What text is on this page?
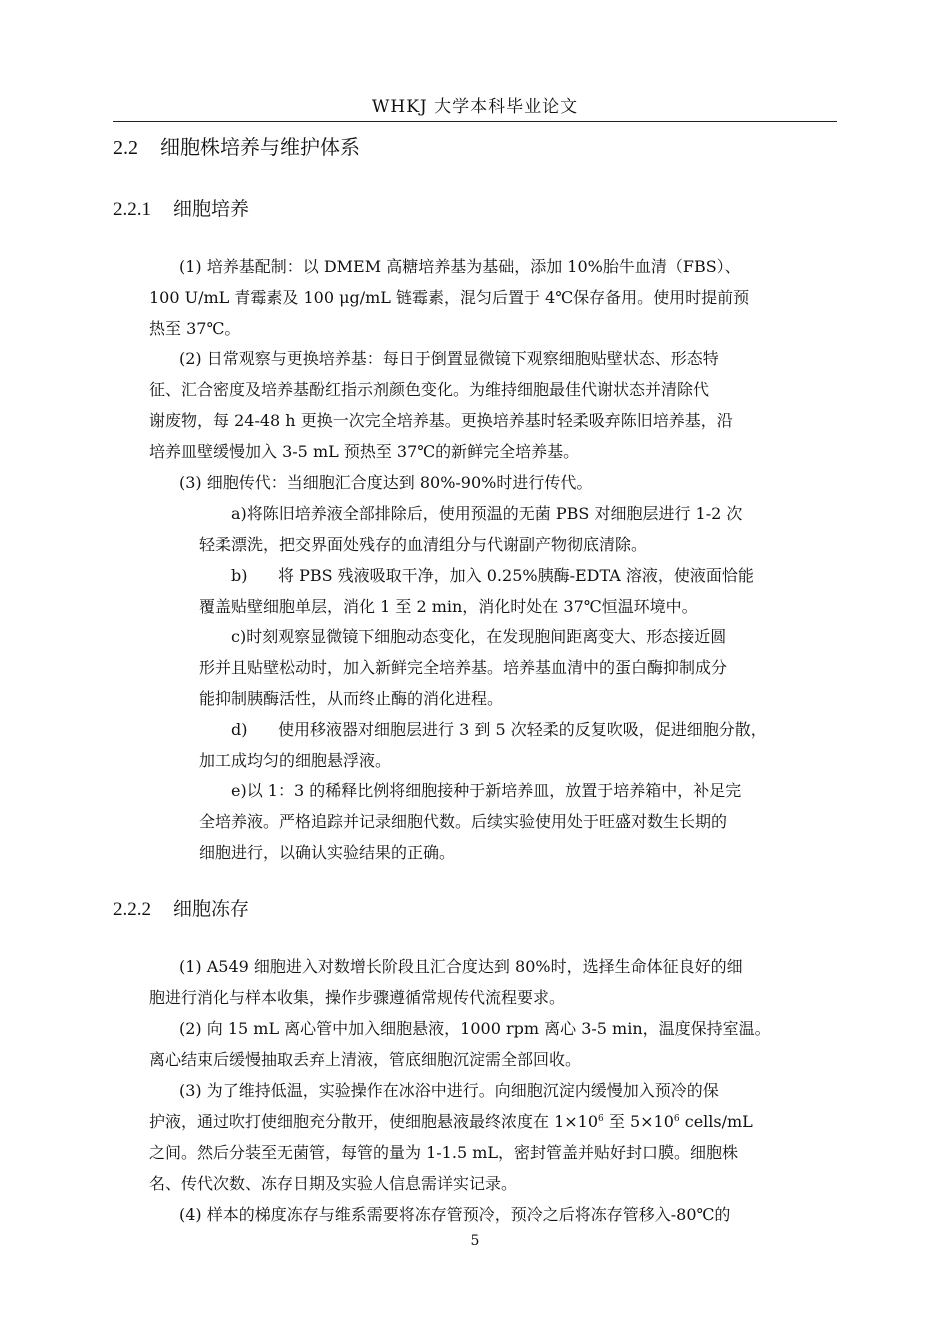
WHKJ 大学本科毕业论文
2.2 细胞株培养与维护体系
2.2.1 细胞培养
(1) 培养基配制：以 DMEM 高糖培养基为基础，添加 10%胎牛血清（FBS）、
100 U/mL 青霉素及 100 μg/mL 链霉素，混匀后置于 4℃保存备用。使用时提前预
热至 37℃。
(2) 日常观察与更换培养基：每日于倒置显微镜下观察细胞贴壁状态、形态特
征、汇合密度及培养基酚红指示剂颜色变化。为维持细胞最佳代谢状态并清除代
谢废物，每 24-48 h 更换一次完全培养基。更换培养基时轻柔吸弃陈旧培养基，沿
培养皿壁缓慢加入 3-5 mL 预热至 37℃的新鲜完全培养基。
(3) 细胞传代：当细胞汇合度达到 80%-90%时进行传代。
a)将陈旧培养液全部排除后，使用预温的无菌 PBS 对细胞层进行 1-2 次
轻柔漂洗，把交界面处残存的血清组分与代谢副产物彻底清除。
b)      将 PBS 残液吸取干净，加入 0.25%胰酶-EDTA 溶液，使液面恰能
覆盖贴壁细胞单层，消化 1 至 2 min，消化时处在 37℃恒温环境中。
c)时刻观察显微镜下细胞动态变化，在发现胞间距离变大、形态接近圆
形并且贴壁松动时，加入新鲜完全培养基。培养基血清中的蛋白酶抑制成分
能抑制胰酶活性，从而终止酶的消化进程。
d)      使用移液器对细胞层进行 3 到 5 次轻柔的反复吹吸，促进细胞分散，
加工成均匀的细胞悬浮液。
e)以 1：3 的稀释比例将细胞接种于新培养皿，放置于培养箱中，补足完
全培养液。严格追踪并记录细胞代数。后续实验使用处于旺盛对数生长期的
细胞进行，以确认实验结果的正确。
2.2.2 细胞冻存
(1) A549 细胞进入对数增长阶段且汇合度达到 80%时，选择生命体征良好的细
胞进行消化与样本收集，操作步骤遵循常规传代流程要求。
(2) 向 15 mL 离心管中加入细胞悬液，1000 rpm 离心 3-5 min，温度保持室温。
离心结束后缓慢抽取丢弃上清液，管底细胞沉淀需全部回收。
(3) 为了维持低温，实验操作在冰浴中进行。向细胞沉淀内缓慢加入预冷的保
护液，通过吹打使细胞充分散开，使细胞悬液最终浓度在 $1\times 10^6$ 至 $5\times 10^6$ cells/mL
之间。然后分装至无菌管，每管的量为 1-1.5 mL，密封管盖并贴好封口膜。细胞株
名、传代次数、冻存日期及实验人信息需详实记录。
(4) 样本的梯度冻存与维系需要将冻存管预冷，预冷之后将冻存管移入-80℃的
5
